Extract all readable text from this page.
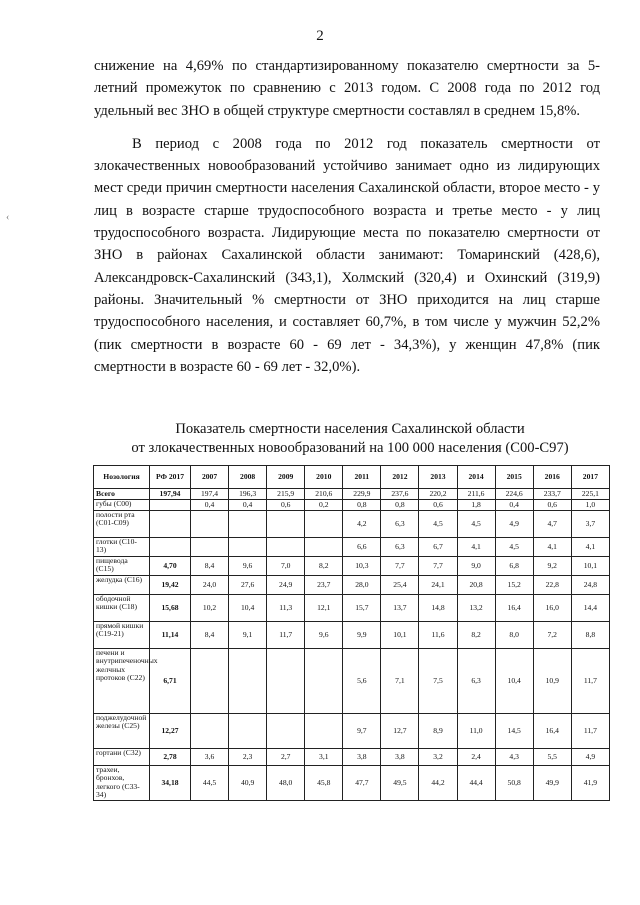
2
‹

снижение на 4,69% по стандартизированному показателю смертности за 5-летний промежуток по сравнению с 2013 годом. С 2008 года по 2012 год удельный вес ЗНО в общей структуре смертности составлял в среднем 15,8%.

В период с 2008 года по 2012 год показатель смертности от злокачественных новообразований устойчиво занимает одно из лидирующих мест среди причин смертности населения Сахалинской области, второе место - у лиц в возрасте старше трудоспособного возраста и третье место - у лиц трудоспособного возраста. Лидирующие места по показателю смертности от ЗНО в районах Сахалинской области занимают: Томаринский (428,6), Александровск-Сахалинский (343,1), Холмский (320,4) и Охинский (319,9) районы. Значительный % смертности от ЗНО приходится на лиц старше трудоспособного населения, и составляет 60,7%, в том числе у мужчин 52,2% (пик смертности в возрасте 60 - 69 лет - 34,3%), у женщин 47,8% (пик смертности в возрасте 60 - 69 лет - 32,0%).

Показатель смертности населения Сахалинской области
от злокачественных новообразований на 100 000 населения (С00-С97)
Нозология	РФ 2017	2007	2008	2009	2010	2011	2012	2013	2014	2015	2016	2017
Всего	197,94	197,4	196,3	215,9	210,6	229,9	237,6	220,2	211,6	224,6	233,7	225,1
губы (С00)		0,4	0,4	0,6	0,2	0,8	0,8	0,6	1,8	0,4	0,6	1,0
полости рта (С01-С09)						4,2	6,3	4,5	4,5	4,9	4,7	3,7
глотки (С10-13)						6,6	6,3	6,7	4,1	4,5	4,1	4,1
пищевода (С15)	4,70	8,4	9,6	7,0	8,2	10,3	7,7	7,7	9,0	6,8	9,2	10,1
желудка (С16)	19,42	24,0	27,6	24,9	23,7	28,0	25,4	24,1	20,8	15,2	22,8	24,8
ободочной кишки (С18)	15,68	10,2	10,4	11,3	12,1	15,7	13,7	14,8	13,2	16,4	16,0	14,4
прямой кишки (С19-21)	11,14	8,4	9,1	11,7	9,6	9,9	10,1	11,6	8,2	8,0	7,2	8,8
печени и внутрипеченочных желчных протоков (С22)	6,71					5,6	7,1	7,5	6,3	10,4	10,9	11,7
поджелудочной железы (С25)	12,27					9,7	12,7	8,9	11,0	14,5	16,4	11,7
гортани (С32)	2,78	3,6	2,3	2,7	3,1	3,8	3,8	3,2	2,4	4,3	5,5	4,9
трахеи, бронхов, легкого (С33-34)	34,18	44,5	40,9	48,0	45,8	47,7	49,5	44,2	44,4	50,8	49,9	41,9
